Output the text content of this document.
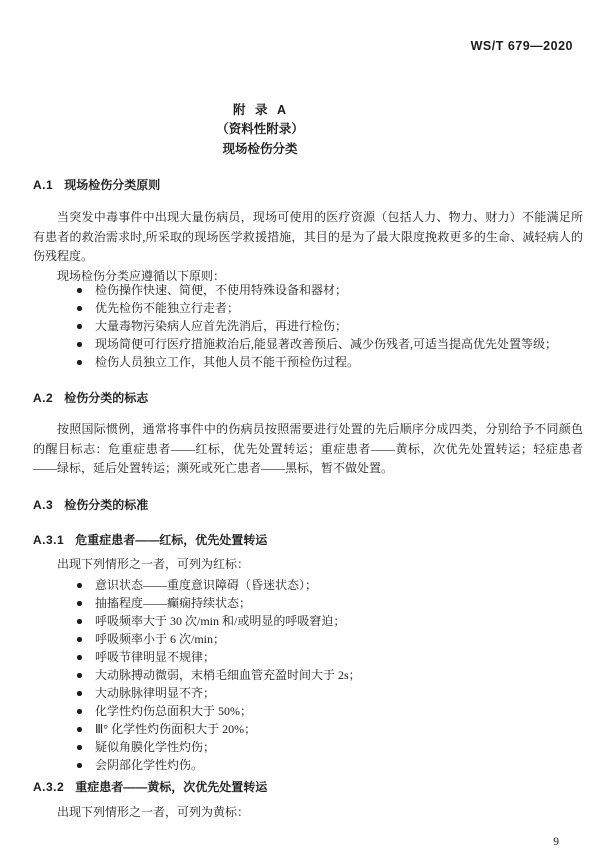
WS/T 679—2020
附 录 A
（资料性附录）
现场检伤分类
A.1 现场检伤分类原则

当突发中毒事件中出现大量伤病员，现场可使用的医疗资源（包括人力、物力、财力）不能满足所有患者的救治需求时,所采取的现场医学救援措施，其目的是为了最大限度挽救更多的生命、减轻病人的伤残程度。

现场检伤分类应遵循以下原则：

检伤操作快速、简便，不使用特殊设备和器材；
优先检伤不能独立行走者；
大量毒物污染病人应首先洗消后，再进行检伤；
现场简便可行医疗措施救治后,能显著改善预后、减少伤残者,可适当提高优先处置等级；
检伤人员独立工作，其他人员不能干预检伤过程。
A.2 检伤分类的标志

按照国际惯例，通常将事件中的伤病员按照需要进行处置的先后顺序分成四类，分别给予不同颜色的醒目标志：危重症患者——红标，优先处置转运；重症患者——黄标，次优先处置转运；轻症患者——绿标，延后处置转运；濒死或死亡患者——黑标，暂不做处置。

A.3 检伤分类的标准
A.3.1 危重症患者——红标，优先处置转运
出现下列情形之一者，可列为红标：
意识状态——重度意识障碍（昏迷状态）；
抽搐程度——癫痫持续状态；
呼吸频率大于 30 次/min 和/或明显的呼吸窘迫；
呼吸频率小于 6 次/min；
呼吸节律明显不规律；
大动脉搏动微弱，末梢毛细血管充盈时间大于 2s；
大动脉脉律明显不齐；
化学性灼伤总面积大于 50%；
Ⅲ° 化学性灼伤面积大于 20%；
疑似角膜化学性灼伤；
会阴部化学性灼伤。
A.3.2 重症患者——黄标，次优先处置转运
出现下列情形之一者，可列为黄标：
9
